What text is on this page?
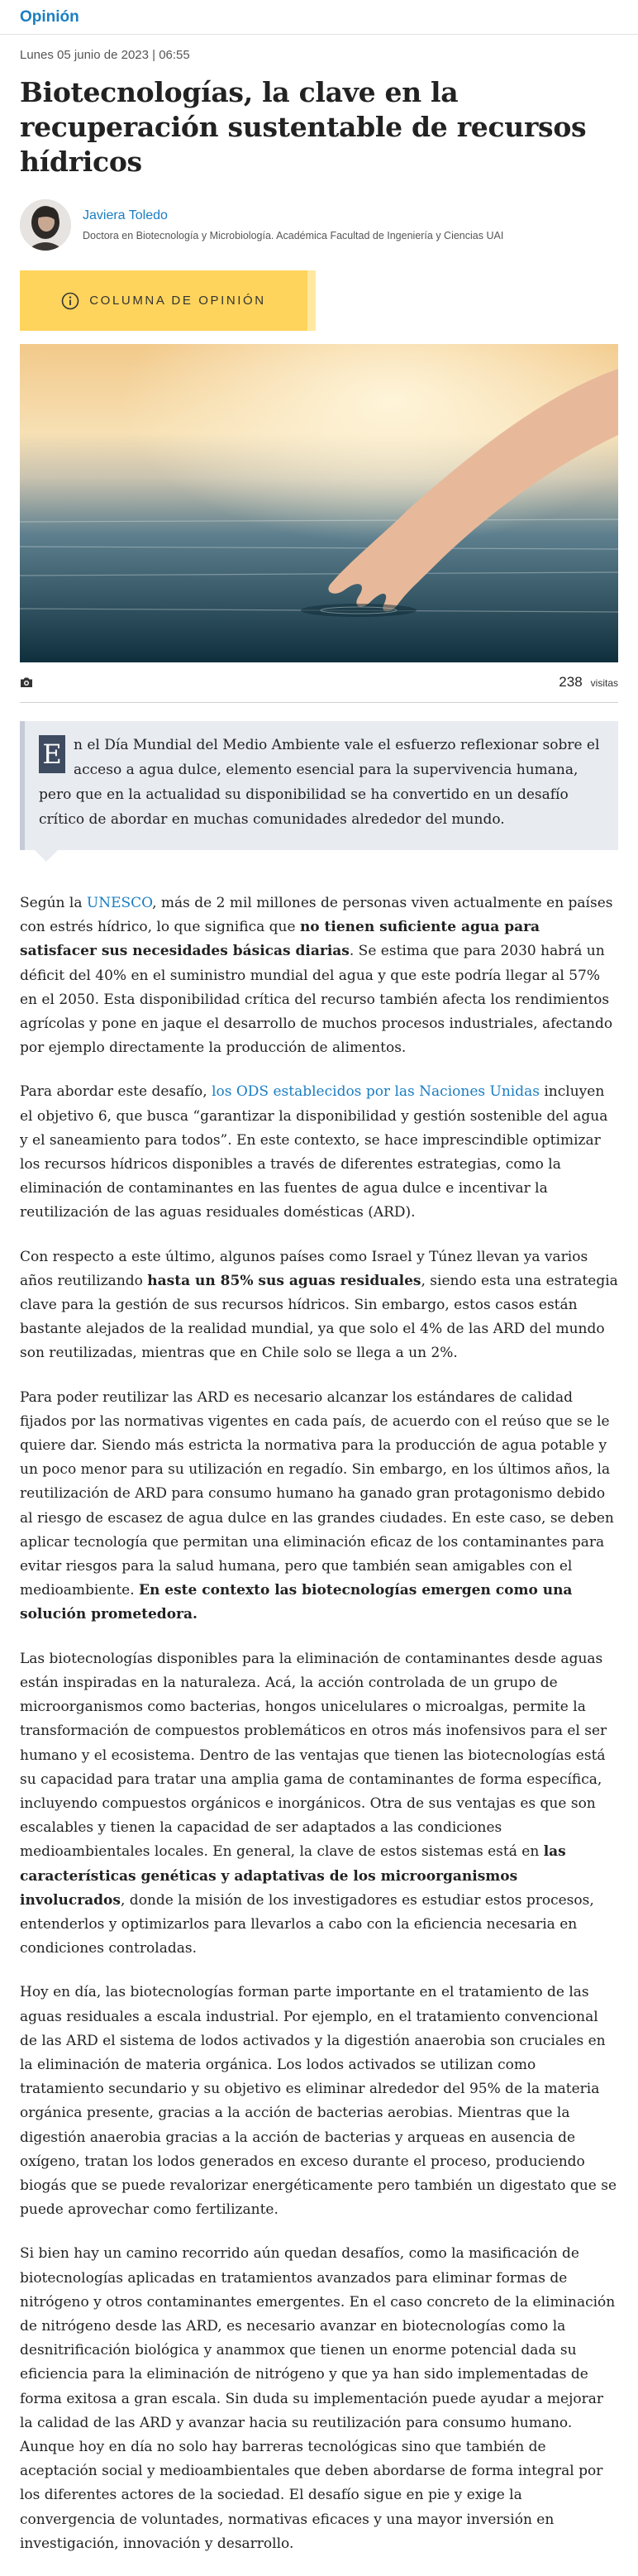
Opinión
Lunes 05 junio de 2023 | 06:55
Biotecnologías, la clave en la recuperación sustentable de recursos hídricos
Javiera Toledo
Doctora en Biotecnología y Microbiología. Académica Facultad de Ingeniería y Ciencias UAI
COLUMNA DE OPINIÓN
238 visitas

E n el Día Mundial del Medio Ambiente vale el esfuerzo reflexionar sobre el acceso a agua dulce, elemento esencial para la supervivencia humana, pero que en la actualidad su disponibilidad se ha convertido en un desafío crítico de abordar en muchas comunidades alrededor del mundo.

Según la UNESCO, más de 2 mil millones de personas viven actualmente en países con estrés hídrico, lo que significa que no tienen suficiente agua para satisfacer sus necesidades básicas diarias. Se estima que para 2030 habrá un déficit del 40% en el suministro mundial del agua y que este podría llegar al 57% en el 2050. Esta disponibilidad crítica del recurso también afecta los rendimientos agrícolas y pone en jaque el desarrollo de muchos procesos industriales, afectando por ejemplo directamente la producción de alimentos.

Para abordar este desafío, los ODS establecidos por las Naciones Unidas incluyen el objetivo 6, que busca “garantizar la disponibilidad y gestión sostenible del agua y el saneamiento para todos”. En este contexto, se hace imprescindible optimizar los recursos hídricos disponibles a través de diferentes estrategias, como la eliminación de contaminantes en las fuentes de agua dulce e incentivar la reutilización de las aguas residuales domésticas (ARD).

Con respecto a este último, algunos países como Israel y Túnez llevan ya varios años reutilizando hasta un 85% sus aguas residuales, siendo esta una estrategia clave para la gestión de sus recursos hídricos. Sin embargo, estos casos están bastante alejados de la realidad mundial, ya que solo el 4% de las ARD del mundo son reutilizadas, mientras que en Chile solo se llega a un 2%.

Para poder reutilizar las ARD es necesario alcanzar los estándares de calidad fijados por las normativas vigentes en cada país, de acuerdo con el reúso que se le quiere dar. Siendo más estricta la normativa para la producción de agua potable y un poco menor para su utilización en regadío. Sin embargo, en los últimos años, la reutilización de ARD para consumo humano ha ganado gran protagonismo debido al riesgo de escasez de agua dulce en las grandes ciudades. En este caso, se deben aplicar tecnología que permitan una eliminación eficaz de los contaminantes para evitar riesgos para la salud humana, pero que también sean amigables con el medioambiente. En este contexto las biotecnologías emergen como una solución prometedora.

Las biotecnologías disponibles para la eliminación de contaminantes desde aguas están inspiradas en la naturaleza. Acá, la acción controlada de un grupo de microorganismos como bacterias, hongos unicelulares o microalgas, permite la transformación de compuestos problemáticos en otros más inofensivos para el ser humano y el ecosistema. Dentro de las ventajas que tienen las biotecnologías está su capacidad para tratar una amplia gama de contaminantes de forma específica, incluyendo compuestos orgánicos e inorgánicos. Otra de sus ventajas es que son escalables y tienen la capacidad de ser adaptados a las condiciones medioambientales locales. En general, la clave de estos sistemas está en las características genéticas y adaptativas de los microorganismos involucrados, donde la misión de los investigadores es estudiar estos procesos, entenderlos y optimizarlos para llevarlos a cabo con la eficiencia necesaria en condiciones controladas.

Hoy en día, las biotecnologías forman parte importante en el tratamiento de las aguas residuales a escala industrial. Por ejemplo, en el tratamiento convencional de las ARD el sistema de lodos activados y la digestión anaerobia son cruciales en la eliminación de materia orgánica. Los lodos activados se utilizan como tratamiento secundario y su objetivo es eliminar alrededor del 95% de la materia orgánica presente, gracias a la acción de bacterias aerobias. Mientras que la digestión anaerobia gracias a la acción de bacterias y arqueas en ausencia de oxígeno, tratan los lodos generados en exceso durante el proceso, produciendo biogás que se puede revalorizar energéticamente pero también un digestato que se puede aprovechar como fertilizante.

Si bien hay un camino recorrido aún quedan desafíos, como la masificación de biotecnologías aplicadas en tratamientos avanzados para eliminar formas de nitrógeno y otros contaminantes emergentes. En el caso concreto de la eliminación de nitrógeno desde las ARD, es necesario avanzar en biotecnologías como la desnitrificación biológica y anammox que tienen un enorme potencial dada su eficiencia para la eliminación de nitrógeno y que ya han sido implementadas de forma exitosa a gran escala. Sin duda su implementación puede ayudar a mejorar la calidad de las ARD y avanzar hacia su reutilización para consumo humano. Aunque hoy en día no solo hay barreras tecnológicas sino que también de aceptación social y medioambientales que deben abordarse de forma integral por los diferentes actores de la sociedad. El desafío sigue en pie y exige la convergencia de voluntades, normativas eficaces y una mayor inversión en investigación, innovación y desarrollo.
